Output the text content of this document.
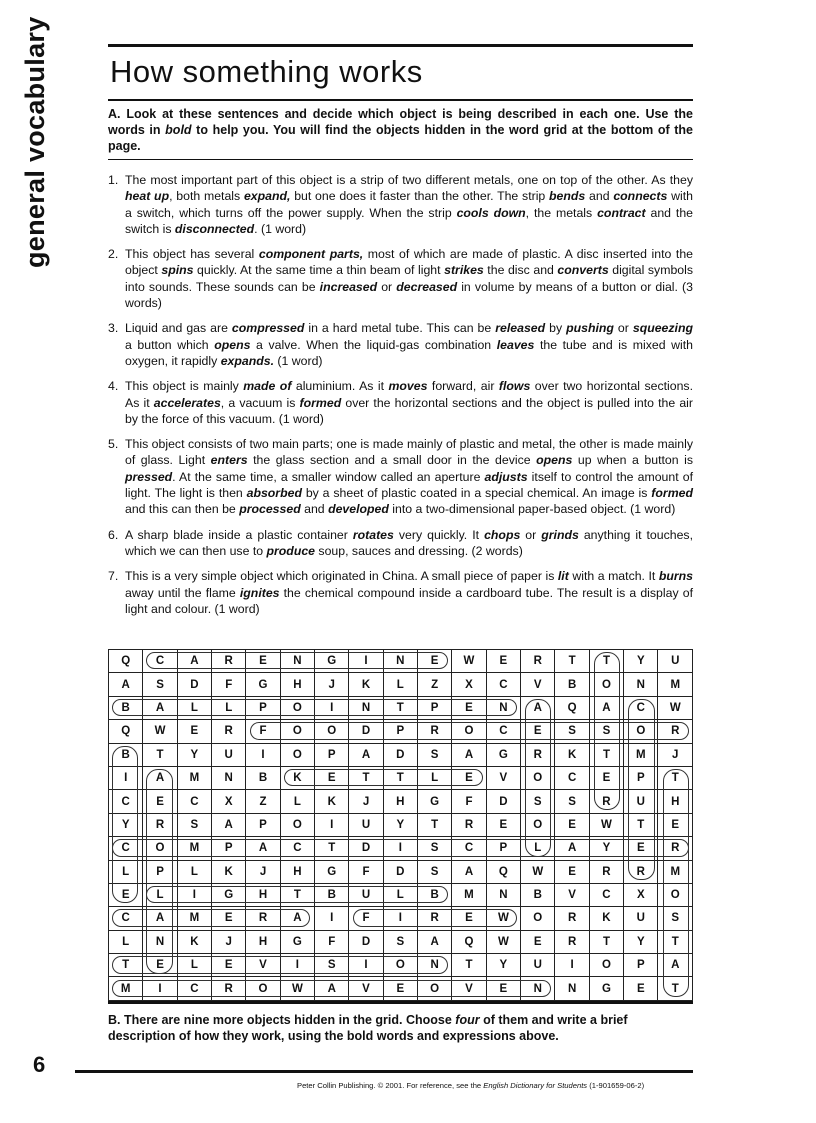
general vocabulary How something works
A. Look at these sentences and decide which object is being described in each one. Use the words in bold to help you. You will find the objects hidden in the word grid at the bottom of the page.
1. The most important part of this object is a strip of two different metals, one on top of the other. As they heat up, both metals expand, but one does it faster than the other. The strip bends and connects with a switch, which turns off the power supply. When the strip cools down, the metals contract and the switch is disconnected. (1 word)
2. This object has several component parts, most of which are made of plastic. A disc inserted into the object spins quickly. At the same time a thin beam of light strikes the disc and converts digital symbols into sounds. These sounds can be increased or decreased in volume by means of a button or dial. (3 words)
3. Liquid and gas are compressed in a hard metal tube. This can be released by pushing or squeezing a button which opens a valve. When the liquid-gas combination leaves the tube and is mixed with oxygen, it rapidly expands. (1 word)
4. This object is mainly made of aluminium. As it moves forward, air flows over two horizontal sections. As it accelerates, a vacuum is formed over the horizontal sections and the object is pulled into the air by the force of this vacuum. (1 word)
5. This object consists of two main parts; one is made mainly of plastic and metal, the other is made mainly of glass. Light enters the glass section and a small door in the device opens up when a button is pressed. At the same time, a smaller window called an aperture adjusts itself to control the amount of light. The light is then absorbed by a sheet of plastic coated in a special chemical. An image is formed and this can then be processed and developed into a two-dimensional paper-based object. (1 word)
6. A sharp blade inside a plastic container rotates very quickly. It chops or grinds anything it touches, which we can then use to produce soup, sauces and dressing. (2 words)
7. This is a very simple object which originated in China. A small piece of paper is lit with a match. It burns away until the flame ignites the chemical compound inside a cardboard tube. The result is a display of light and colour. (1 word)
Q	C	A	R	E	N	G	I	N	E	W	E	R	T	T	Y	U
A	S	D	F	G	H	J	K	L	Z	X	C	V	B	O	N	M
B	A	L	L	P	O	I	N	T	P	E	N	A	Q	A	C	W
Q	W	E	R	F	O	O	D	P	R	O	C	E	S	S	O	R
B	T	Y	U	I	O	P	A	D	S	A	G	R	K	T	M	J
I	A	M	N	B	K	E	T	T	L	E	V	O	C	E	P	T
C	E	C	X	Z	L	K	J	H	G	F	D	S	S	R	U	H
Y	R	S	A	P	O	I	U	Y	T	R	E	O	E	W	T	E
C	O	M	P	A	C	T	D	I	S	C	P	L	A	Y	E	R
L	P	L	K	J	H	G	F	D	S	A	Q	W	E	R	R	M
E	L	I	G	H	T	B	U	L	B	M	N	B	V	C	X	O
C	A	M	E	R	A	I	F	I	R	E	W	O	R	K	U	S
L	N	K	J	H	G	F	D	S	A	Q	W	E	R	T	Y	T
T	E	L	E	V	I	S	I	O	N	T	Y	U	I	O	P	A
M	I	C	R	O	W	A	V	E	O	V	E	N	N	G	E	T
B. There are nine more objects hidden in the grid. Choose four of them and write a brief description of how they work, using the bold words and expressions above.
6
Peter Collin Publishing. © 2001. For reference, see the English Dictionary for Students (1-901659-06-2)
